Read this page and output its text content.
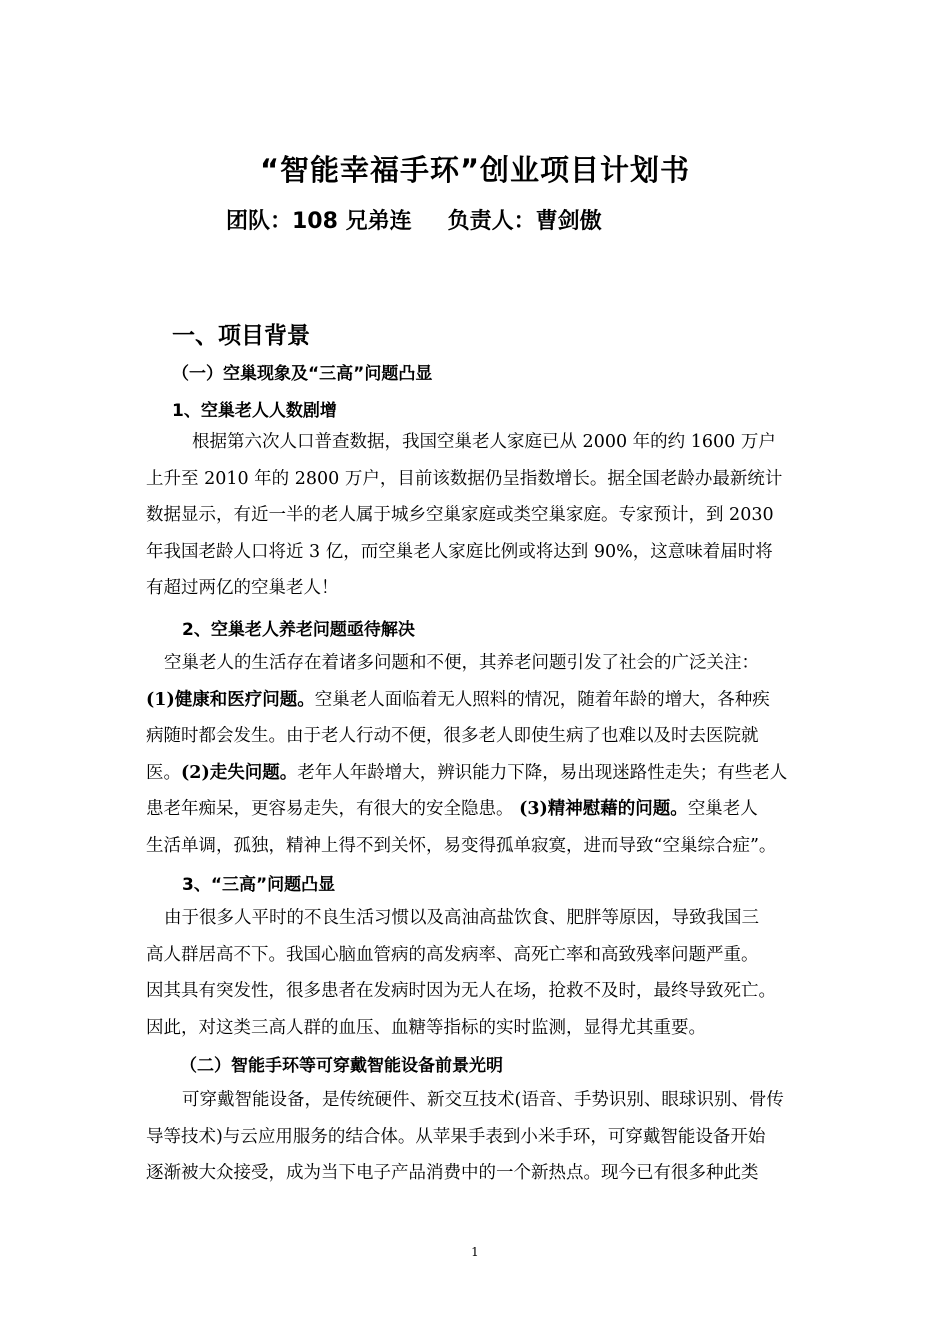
“智能幸福手环”创业项目计划书
团队：108 兄弟连 负责人：曹剑傲
一、项目背景
（一）空巢现象及“三高”问题凸显
1、空巢老人人数剧增
根据第六次人口普查数据，我国空巢老人家庭已从 2000 年的约 1600 万户
上升至 2010 年的 2800 万户，目前该数据仍呈指数增长。据全国老龄办最新统计
数据显示，有近一半的老人属于城乡空巢家庭或类空巢家庭。专家预计，到 2030
年我国老龄人口将近 3 亿，而空巢老人家庭比例或将达到 90%，这意味着届时将
有超过两亿的空巢老人！
2、空巢老人养老问题亟待解决
空巢老人的生活存在着诸多问题和不便，其养老问题引发了社会的广泛关注：
(1)健康和医疗问题。空巢老人面临着无人照料的情况，随着年龄的增大，各种疾
病随时都会发生。由于老人行动不便，很多老人即使生病了也难以及时去医院就
医。(2)走失问题。老年人年龄增大，辨识能力下降，易出现迷路性走失；有些老人
患老年痴呆，更容易走失，有很大的安全隐患。 (3)精神慰藉的问题。空巢老人
生活单调，孤独，精神上得不到关怀，易变得孤单寂寞，进而导致“空巢综合症”。
3、“三高”问题凸显
由于很多人平时的不良生活习惯以及高油高盐饮食、肥胖等原因，导致我国三
高人群居高不下。我国心脑血管病的高发病率、高死亡率和高致残率问题严重。
因其具有突发性，很多患者在发病时因为无人在场，抢救不及时，最终导致死亡。
因此，对这类三高人群的血压、血糖等指标的实时监测，显得尤其重要。
（二）智能手环等可穿戴智能设备前景光明
可穿戴智能设备，是传统硬件、新交互技术(语音、手势识别、眼球识别、骨传
导等技术)与云应用服务的结合体。从苹果手表到小米手环，可穿戴智能设备开始
逐渐被大众接受，成为当下电子产品消费中的一个新热点。现今已有很多种此类
1
